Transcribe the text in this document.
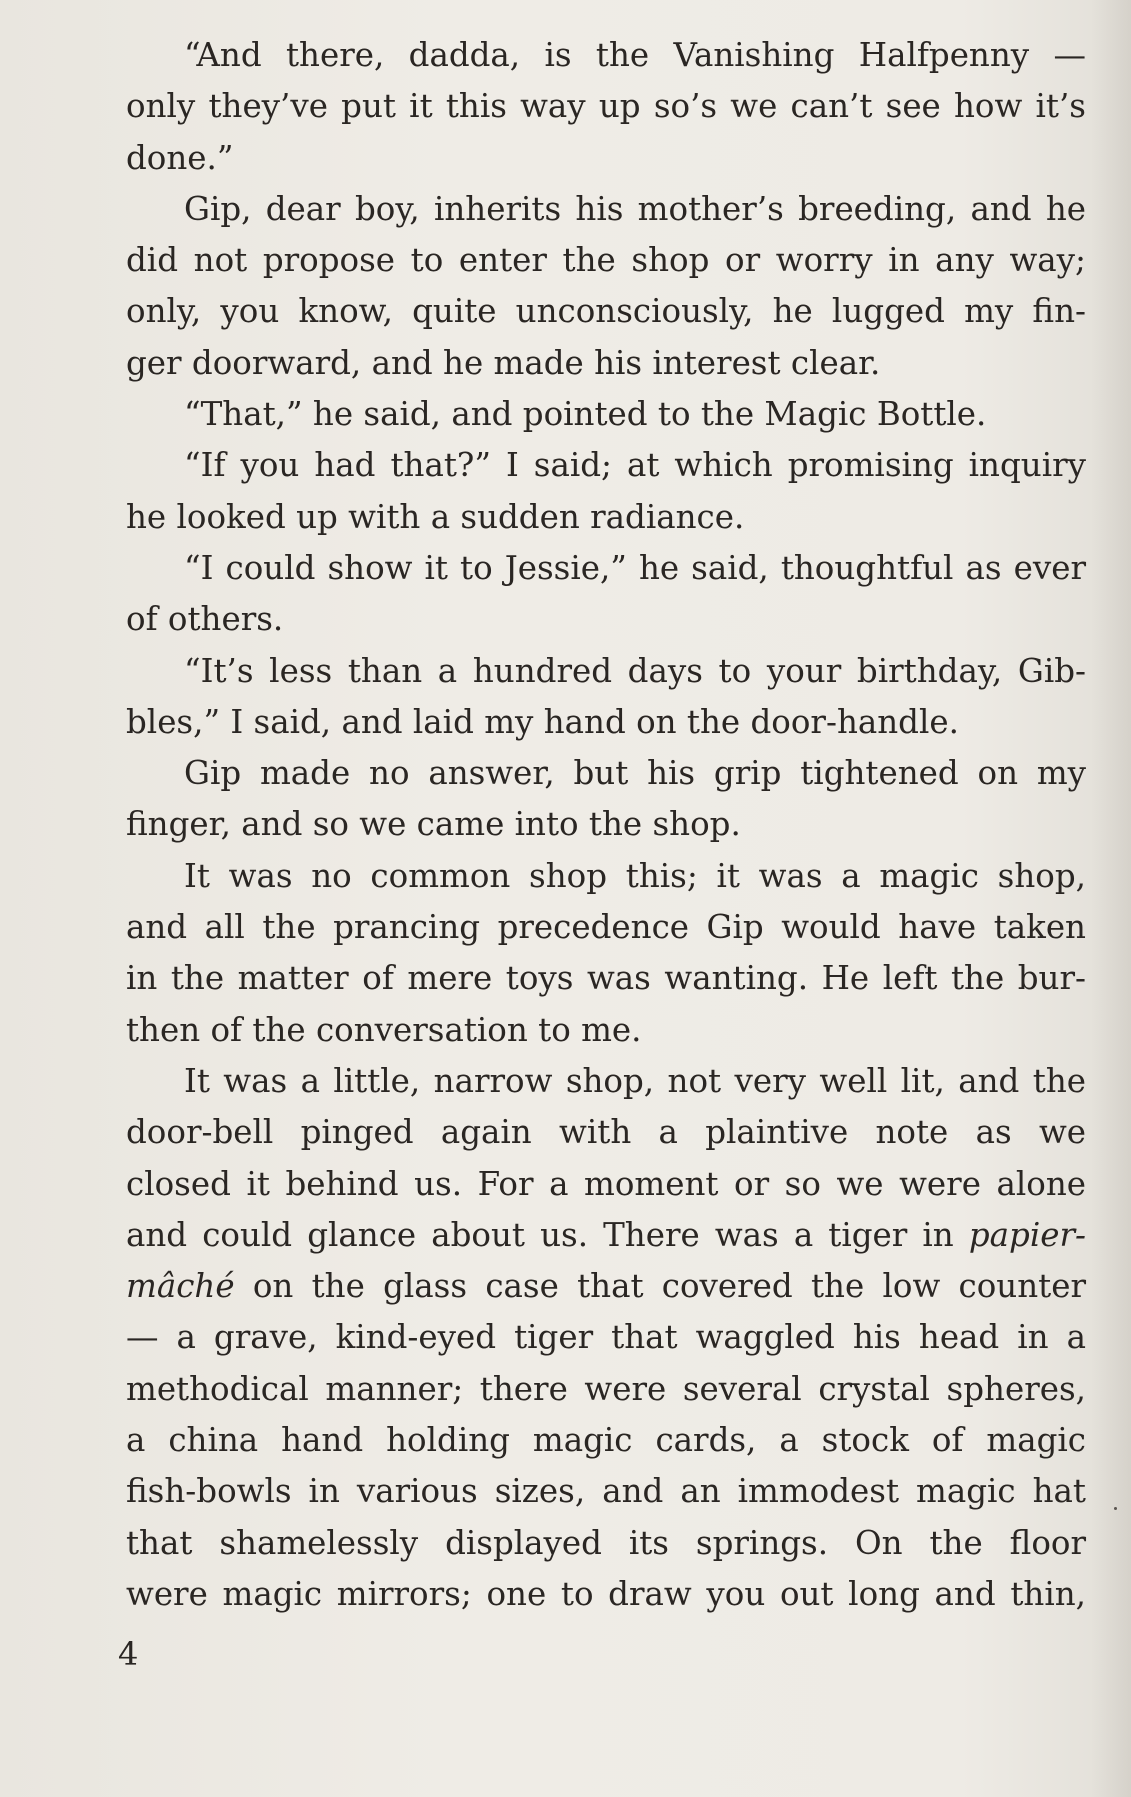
“And there, dadda, is the Vanishing Halfpenny —
only they’ve put it this way up so’s we can’t see how it’s
done.”
Gip, dear boy, inherits his mother’s breeding, and he
did not propose to enter the shop or worry in any way;
only, you know, quite unconsciously, he lugged my fin-
ger doorward, and he made his interest clear.
“That,” he said, and pointed to the Magic Bottle.
“If you had that?” I said; at which promising inquiry
he looked up with a sudden radiance.
“I could show it to Jessie,” he said, thoughtful as ever
of others.
“It’s less than a hundred days to your birthday, Gib-
bles,” I said, and laid my hand on the door-handle.
Gip made no answer, but his grip tightened on my
finger, and so we came into the shop.
It was no common shop this; it was a magic shop,
and all the prancing precedence Gip would have taken
in the matter of mere toys was wanting. He left the bur-
then of the conversation to me.
It was a little, narrow shop, not very well lit, and the
door-bell pinged again with a plaintive note as we
closed it behind us. For a moment or so we were alone
and could glance about us. There was a tiger in papier-
mâché on the glass case that covered the low counter
— a grave, kind-eyed tiger that waggled his head in a
methodical manner; there were several crystal spheres,
a china hand holding magic cards, a stock of magic
fish-bowls in various sizes, and an immodest magic hat
that shamelessly displayed its springs. On the floor
were magic mirrors; one to draw you out long and thin,
4
